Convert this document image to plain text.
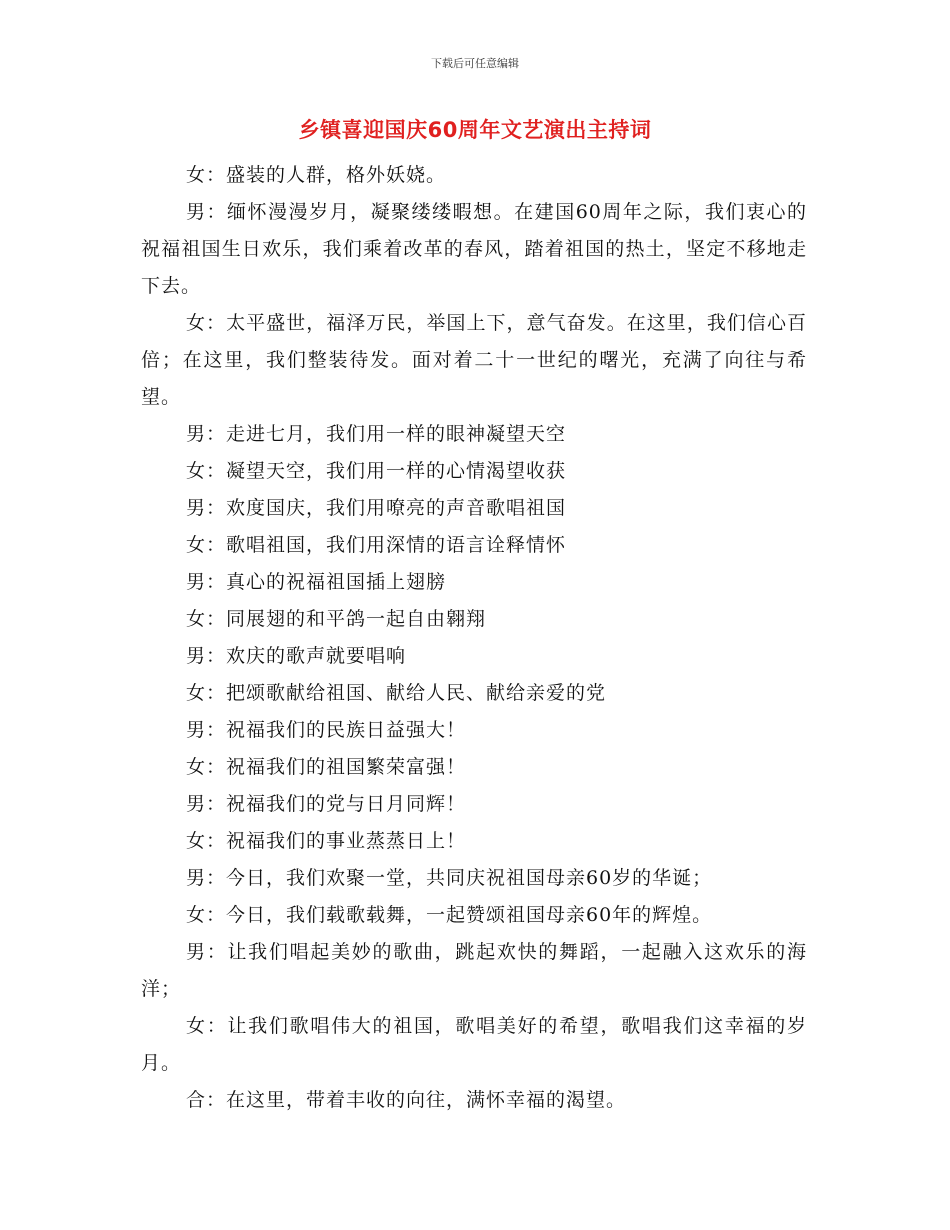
下载后可任意编辑
乡镇喜迎国庆60周年文艺演出主持词

女：盛装的人群，格外妖娆。

男：缅怀漫漫岁月，凝聚缕缕暇想。在建国60周年之际，我们衷心的祝福祖国生日欢乐，我们乘着改革的春风，踏着祖国的热土，坚定不移地走下去。

女：太平盛世，福泽万民，举国上下，意气奋发。在这里，我们信心百倍；在这里，我们整装待发。面对着二十一世纪的曙光，充满了向往与希望。

男：走进七月，我们用一样的眼神凝望天空

女：凝望天空，我们用一样的心情渴望收获

男：欢度国庆，我们用嘹亮的声音歌唱祖国

女：歌唱祖国，我们用深情的语言诠释情怀

男：真心的祝福祖国插上翅膀

女：同展翅的和平鸽一起自由翱翔

男：欢庆的歌声就要唱响

女：把颂歌献给祖国、献给人民、献给亲爱的党

男：祝福我们的民族日益强大！

女：祝福我们的祖国繁荣富强！

男：祝福我们的党与日月同辉！

女：祝福我们的事业蒸蒸日上！

男：今日，我们欢聚一堂，共同庆祝祖国母亲60岁的华诞；

女：今日，我们载歌载舞，一起赞颂祖国母亲60年的辉煌。

男：让我们唱起美妙的歌曲，跳起欢快的舞蹈，一起融入这欢乐的海洋；

女：让我们歌唱伟大的祖国，歌唱美好的希望，歌唱我们这幸福的岁月。

合：在这里，带着丰收的向往，满怀幸福的渴望。
